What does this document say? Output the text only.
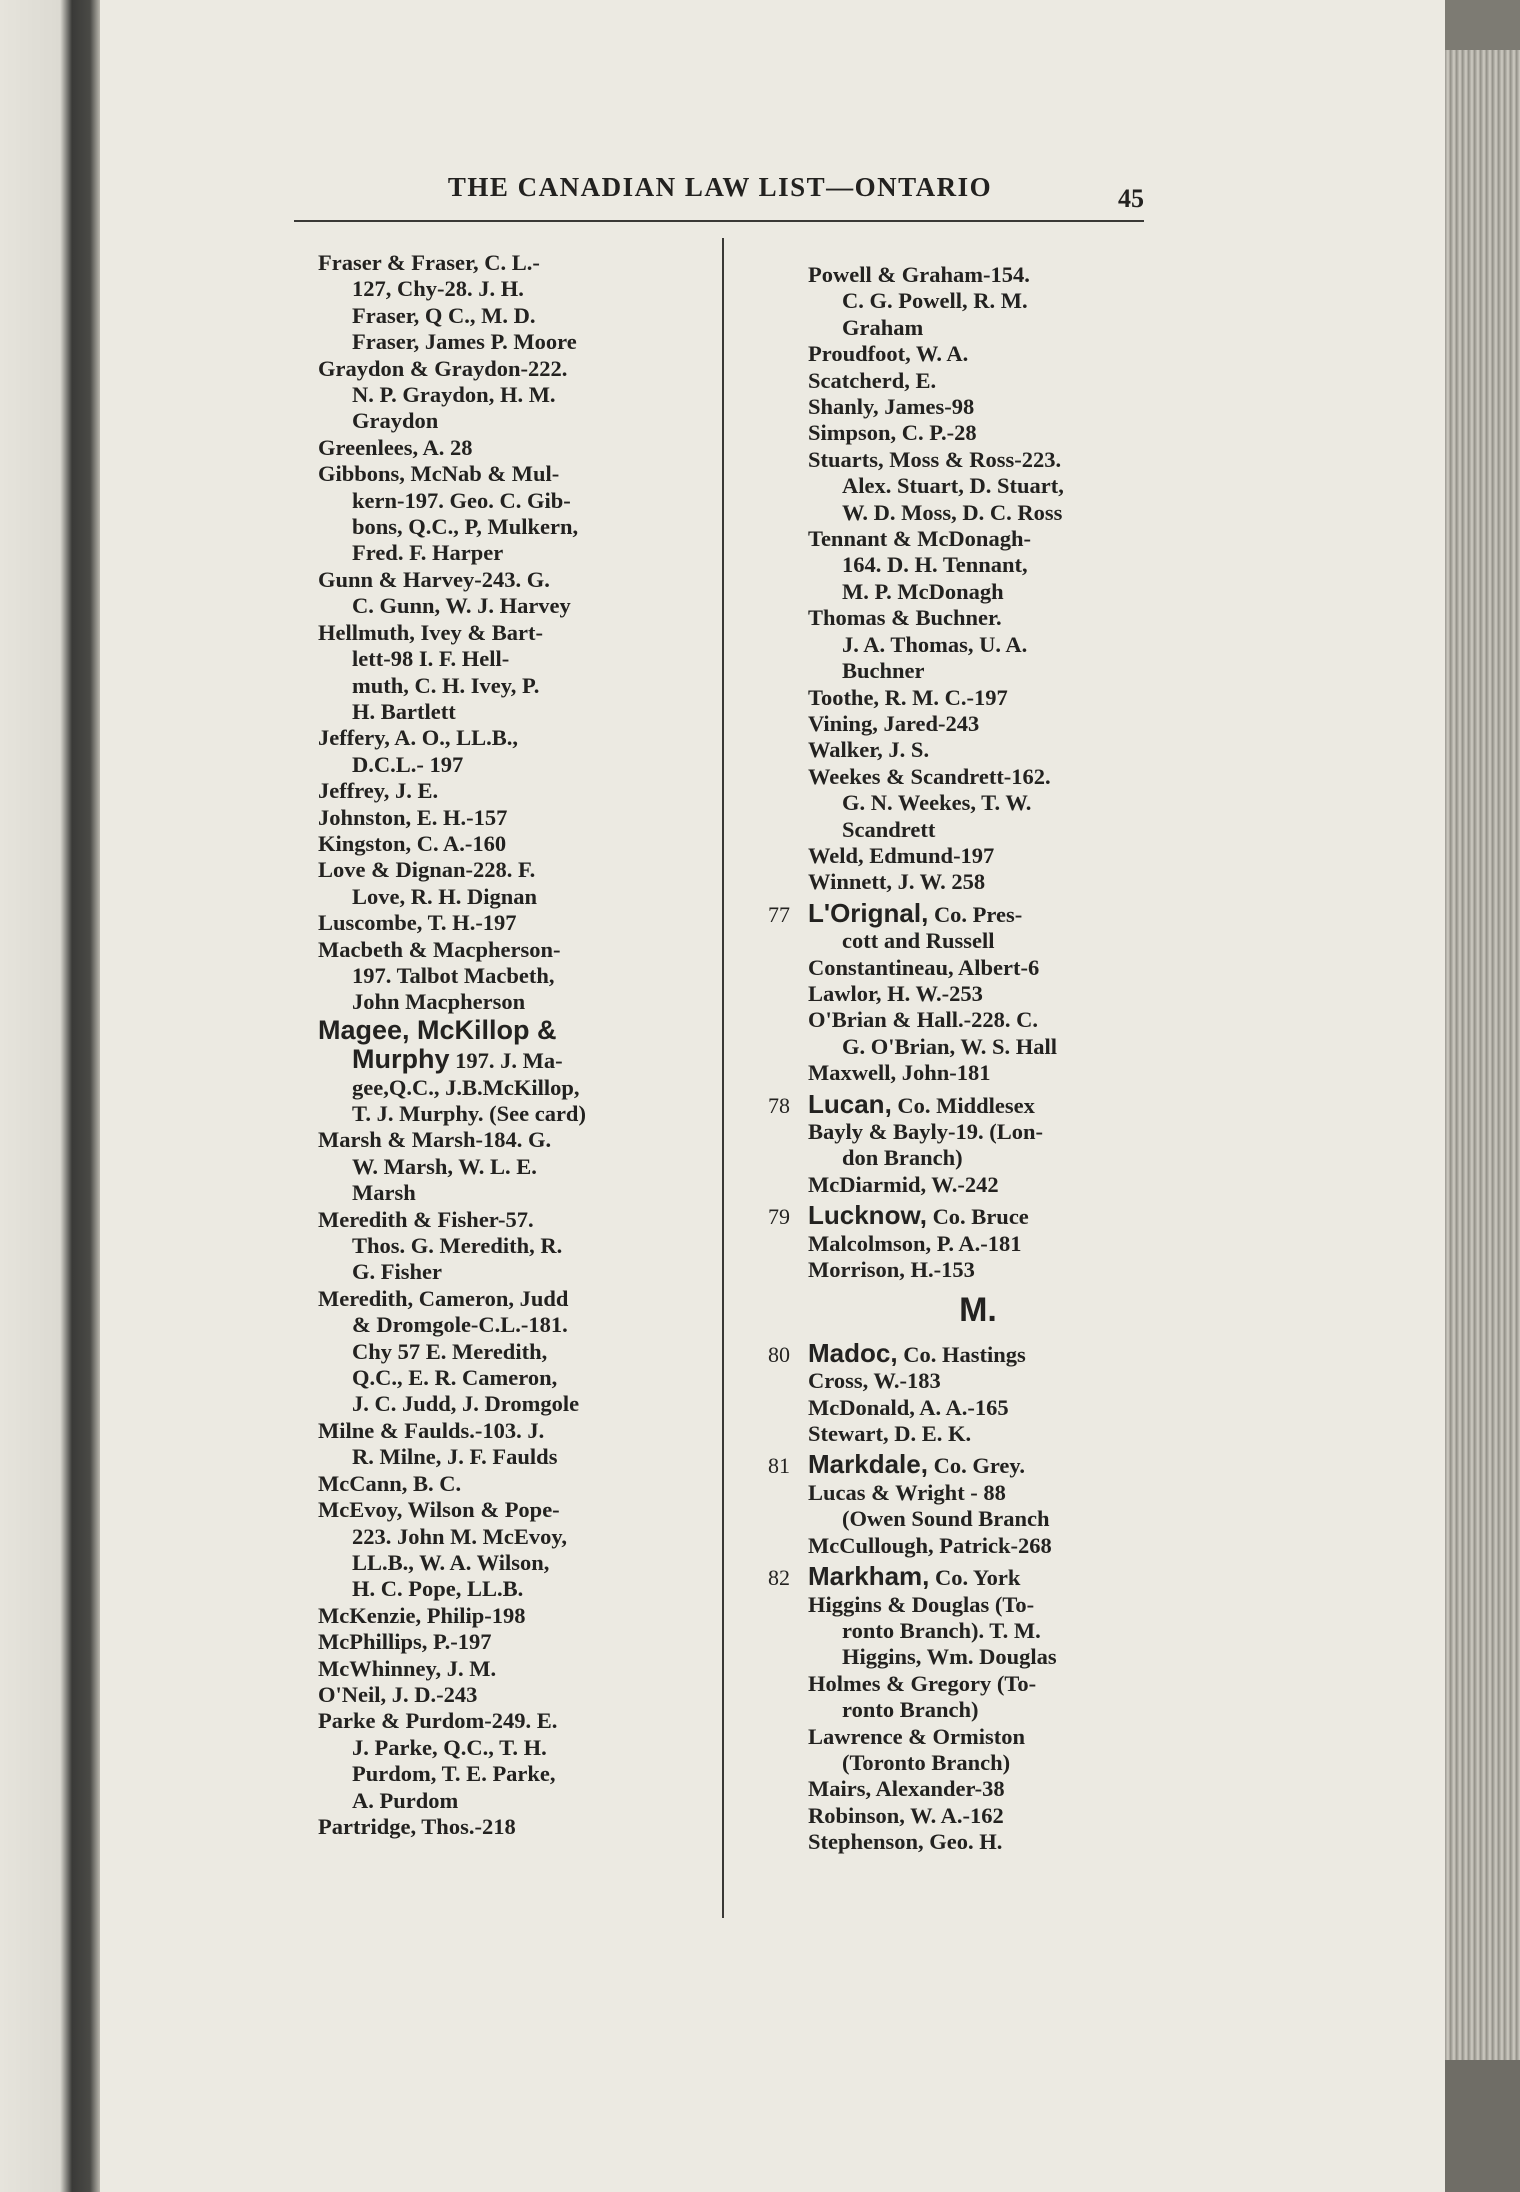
THE CANADIAN LAW LIST—ONTARIO	45
Fraser & Fraser, C. L.-
127, Chy-28. J. H.
Fraser, Q C., M. D.
Fraser, James P. Moore
Graydon & Graydon-222.
N. P. Graydon, H. M.
Graydon
Greenlees, A. 28
Gibbons, McNab & Mul-
kern-197. Geo. C. Gib-
bons, Q.C., P, Mulkern,
Fred. F. Harper
Gunn & Harvey-243. G.
C. Gunn, W. J. Harvey
Hellmuth, Ivey & Bart-
lett-98 I. F. Hell-
muth, C. H. Ivey, P.
H. Bartlett
Jeffery, A. O., LL.B.,
D.C.L.- 197
Jeffrey, J. E.
Johnston, E. H.-157
Kingston, C. A.-160
Love & Dignan-228. F.
Love, R. H. Dignan
Luscombe, T. H.-197
Macbeth & Macpherson-
197. Talbot Macbeth,
John Macpherson
Magee, McKillop &
Murphy 197. J. Ma-
gee,Q.C., J.B.McKillop,
T. J. Murphy. (See card)
Marsh & Marsh-184. G.
W. Marsh, W. L. E.
Marsh
Meredith & Fisher-57.
Thos. G. Meredith, R.
G. Fisher
Meredith, Cameron, Judd
& Dromgole-C.L.-181.
Chy 57 E. Meredith,
Q.C., E. R. Cameron,
J. C. Judd, J. Dromgole
Milne & Faulds.-103. J.
R. Milne, J. F. Faulds
McCann, B. C.
McEvoy, Wilson & Pope-
223. John M. McEvoy,
LL.B., W. A. Wilson,
H. C. Pope, LL.B.
McKenzie, Philip-198
McPhillips, P.-197
McWhinney, J. M.
O'Neil, J. D.-243
Parke & Purdom-249. E.
J. Parke, Q.C., T. H.
Purdom, T. E. Parke,
A. Purdom
Partridge, Thos.-218
Powell & Graham-154.
C. G. Powell, R. M.
Graham
Proudfoot, W. A.
Scatcherd, E.
Shanly, James-98
Simpson, C. P.-28
Stuarts, Moss & Ross-223.
Alex. Stuart, D. Stuart,
W. D. Moss, D. C. Ross
Tennant & McDonagh-
164. D. H. Tennant,
M. P. McDonagh
Thomas & Buchner.
J. A. Thomas, U. A.
Buchner
Toothe, R. M. C.-197
Vining, Jared-243
Walker, J. S.
Weekes & Scandrett-162.
G. N. Weekes, T. W.
Scandrett
Weld, Edmund-197
Winnett, J. W. 258
77 L'Orignal, Co. Pres-
cott and Russell
Constantineau, Albert-6
Lawlor, H. W.-253
O'Brian & Hall.-228. C.
G. O'Brian, W. S. Hall
Maxwell, John-181
78 Lucan, Co. Middlesex
Bayly & Bayly-19. (Lon-
don Branch)
McDiarmid, W.-242
79 Lucknow, Co. Bruce
Malcolmson, P. A.-181
Morrison, H.-153
M.
80 Madoc, Co. Hastings
Cross, W.-183
McDonald, A. A.-165
Stewart, D. E. K.
81 Markdale, Co. Grey.
Lucas & Wright - 88
(Owen Sound Branch
McCullough, Patrick-268
82 Markham, Co. York
Higgins & Douglas (To-
ronto Branch). T. M.
Higgins, Wm. Douglas
Holmes & Gregory (To-
ronto Branch)
Lawrence & Ormiston
(Toronto Branch)
Mairs, Alexander-38
Robinson, W. A.-162
Stephenson, Geo. H.
